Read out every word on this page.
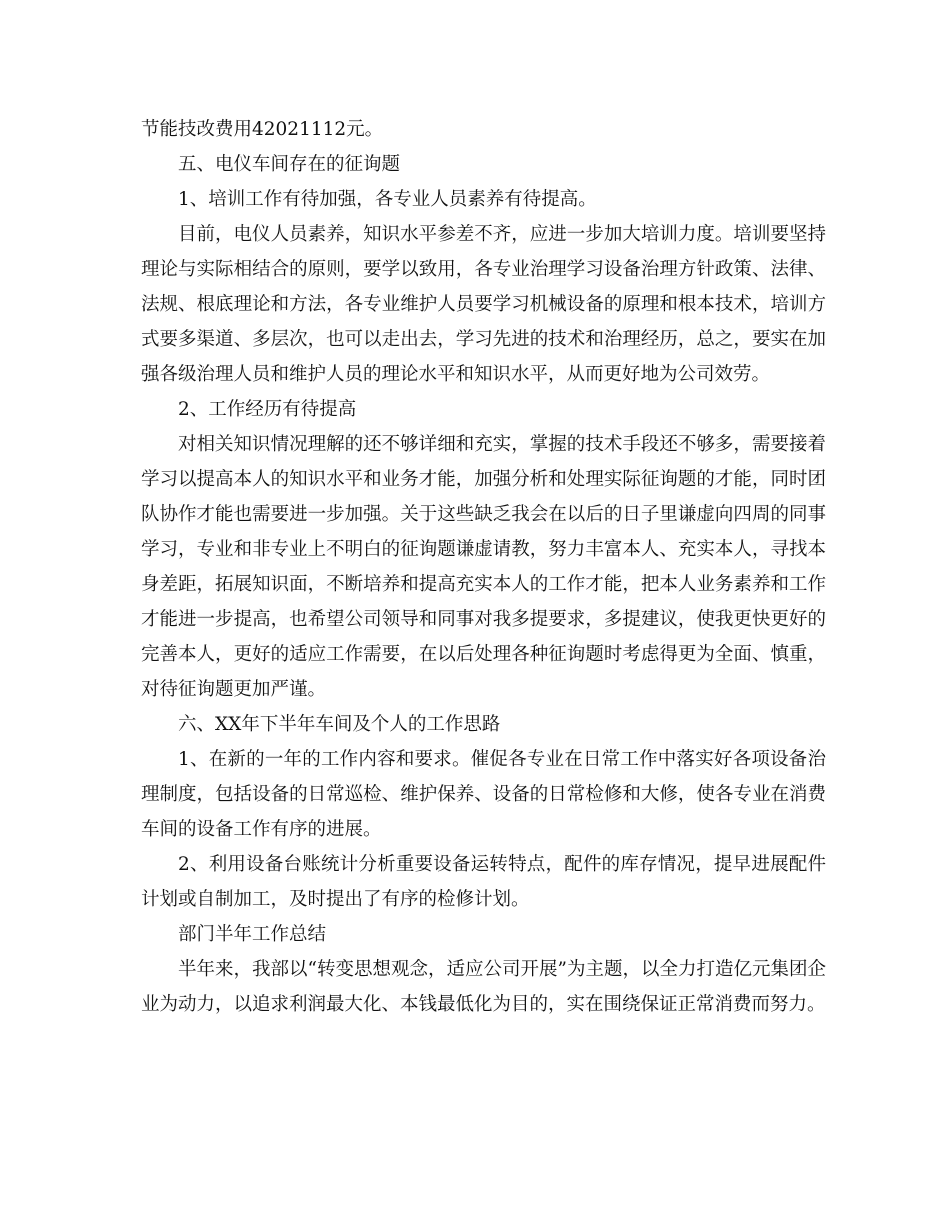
节能技改费用42021112元。

五、电仪车间存在的征询题

1、培训工作有待加强，各专业人员素养有待提高。

目前，电仪人员素养，知识水平参差不齐，应进一步加大培训力度。培训要坚持理论与实际相结合的原则，要学以致用，各专业治理学习设备治理方针政策、法律、法规、根底理论和方法，各专业维护人员要学习机械设备的原理和根本技术，培训方式要多渠道、多层次，也可以走出去，学习先进的技术和治理经历，总之，要实在加强各级治理人员和维护人员的理论水平和知识水平，从而更好地为公司效劳。

2、工作经历有待提高

对相关知识情况理解的还不够详细和充实，掌握的技术手段还不够多，需要接着学习以提高本人的知识水平和业务才能，加强分析和处理实际征询题的才能，同时团队协作才能也需要进一步加强。关于这些缺乏我会在以后的日子里谦虚向四周的同事学习，专业和非专业上不明白的征询题谦虚请教，努力丰富本人、充实本人，寻找本身差距，拓展知识面，不断培养和提高充实本人的工作才能，把本人业务素养和工作才能进一步提高，也希望公司领导和同事对我多提要求，多提建议，使我更快更好的完善本人，更好的适应工作需要，在以后处理各种征询题时考虑得更为全面、慎重，对待征询题更加严谨。

六、XX年下半年车间及个人的工作思路

1、在新的一年的工作内容和要求。催促各专业在日常工作中落实好各项设备治理制度，包括设备的日常巡检、维护保养、设备的日常检修和大修，使各专业在消费车间的设备工作有序的进展。

2、利用设备台账统计分析重要设备运转特点，配件的库存情况，提早进展配件计划或自制加工，及时提出了有序的检修计划。

部门半年工作总结

半年来，我部以“转变思想观念，适应公司开展”为主题，以全力打造亿元集团企业为动力，以追求利润最大化、本钱最低化为目的，实在围绕保证正常消费而努力。
